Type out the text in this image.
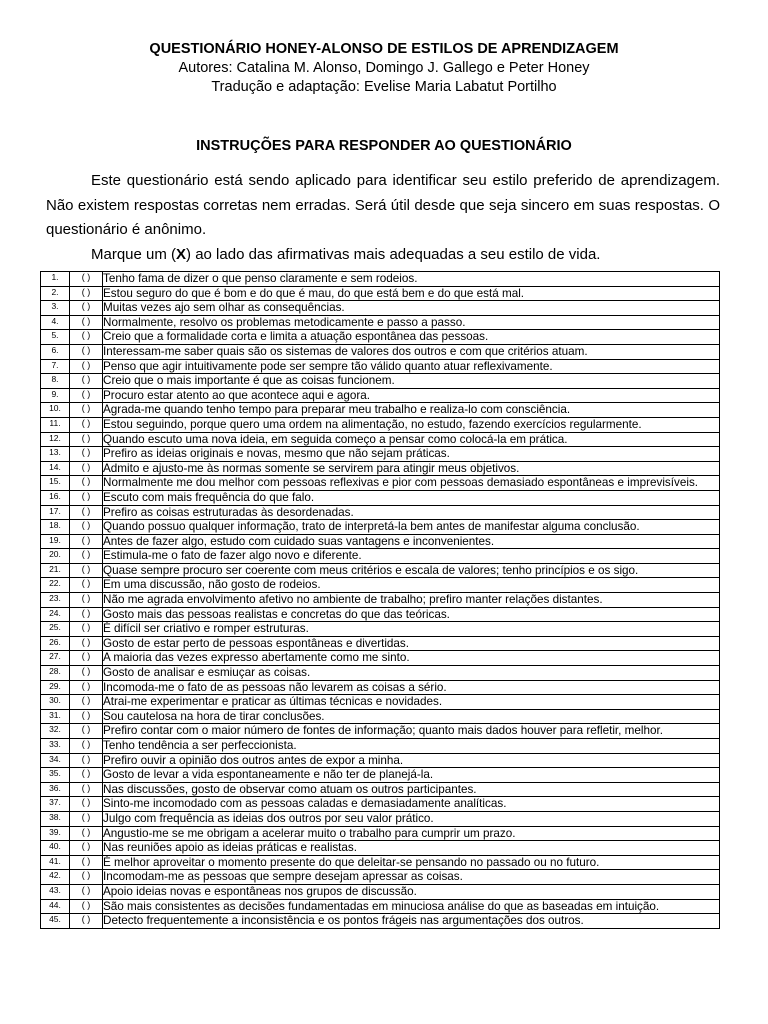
QUESTIONÁRIO HONEY-ALONSO DE ESTILOS DE APRENDIZAGEM
Autores: Catalina M. Alonso, Domingo J. Gallego e Peter Honey
Tradução e adaptação: Evelise Maria Labatut Portilho
INSTRUÇÕES PARA RESPONDER AO QUESTIONÁRIO

Este questionário está sendo aplicado para identificar seu estilo preferido de aprendizagem. Não existem respostas corretas nem erradas. Será útil desde que seja sincero em suas respostas. O questionário é anônimo.

Marque um (X) ao lado das afirmativas mais adequadas a seu estilo de vida.

1.	( )	Tenho fama de dizer o que penso claramente e sem rodeios.
2.	( )	Estou seguro do que é bom e do que é mau, do que está bem e do que está mal.
3.	( )	Muitas vezes ajo sem olhar as consequências.
4.	( )	Normalmente, resolvo os problemas metodicamente e passo a passo.
5.	( )	Creio que a formalidade corta e limita a atuação espontânea das pessoas.
6.	( )	Interessam-me saber quais são os sistemas de valores dos outros e com que critérios atuam.
7.	( )	Penso que agir intuitivamente pode ser sempre tão válido quanto atuar reflexivamente.
8.	( )	Creio que o mais importante é que as coisas funcionem.
9.	( )	Procuro estar atento ao que acontece aqui e agora.
10.	( )	Agrada-me quando tenho tempo para preparar meu trabalho e realiza-lo com consciência.
11.	( )	Estou seguindo, porque quero uma ordem na alimentação, no estudo, fazendo exercícios regularmente.
12.	( )	Quando escuto uma nova ideia, em seguida começo a pensar como colocá-la em prática.
13.	( )	Prefiro as ideias originais e novas, mesmo que não sejam práticas.
14.	( )	Admito e ajusto-me às normas somente se servirem para atingir meus objetivos.
15.	( )	Normalmente me dou melhor com pessoas reflexivas e pior com pessoas demasiado espontâneas e imprevisíveis.
16.	( )	Escuto com mais frequência do que falo.
17.	( )	Prefiro as coisas estruturadas às desordenadas.
18.	( )	Quando possuo qualquer informação, trato de interpretá-la bem antes de manifestar alguma conclusão.
19.	( )	Antes de fazer algo, estudo com cuidado suas vantagens e inconvenientes.
20.	( )	Estimula-me o fato de fazer algo novo e diferente.
21.	( )	Quase sempre procuro ser coerente com meus critérios e escala de valores; tenho princípios e os sigo.
22.	( )	Em uma discussão, não gosto de rodeios.
23.	( )	Não me agrada envolvimento afetivo no ambiente de trabalho; prefiro manter relações distantes.
24.	( )	Gosto mais das pessoas realistas e concretas do que das teóricas.
25.	( )	É difícil ser criativo e romper estruturas.
26.	( )	Gosto de estar perto de pessoas espontâneas e divertidas.
27.	( )	A maioria das vezes expresso abertamente como me sinto.
28.	( )	Gosto de analisar e esmiuçar as coisas.
29.	( )	Incomoda-me o fato de as pessoas não levarem as coisas a sério.
30.	( )	Atrai-me experimentar e praticar as últimas técnicas e novidades.
31.	( )	Sou cautelosa na hora de tirar conclusões.
32.	( )	Prefiro contar com o maior número de fontes de informação; quanto mais dados houver para refletir, melhor.
33.	( )	Tenho tendência a ser perfeccionista.
34.	( )	Prefiro ouvir a opinião dos outros antes de expor a minha.
35.	( )	Gosto de levar a vida espontaneamente e não ter de planejá-la.
36.	( )	Nas discussões, gosto de observar como atuam os outros participantes.
37.	( )	Sinto-me incomodado com as pessoas caladas e demasiadamente analíticas.
38.	( )	Julgo com frequência as ideias dos outros por seu valor prático.
39.	( )	Angustio-me se me obrigam a acelerar muito o trabalho para cumprir um prazo.
40.	( )	Nas reuniões apoio as ideias práticas e realistas.
41.	( )	É melhor aproveitar o momento presente do que deleitar-se pensando no passado ou no futuro.
42.	( )	Incomodam-me as pessoas que sempre desejam apressar as coisas.
43.	( )	Apoio ideias novas e espontâneas nos grupos de discussão.
44.	( )	São mais consistentes as decisões fundamentadas em minuciosa análise do que as baseadas em intuição.
45.	( )	Detecto frequentemente a inconsistência e os pontos frágeis nas argumentações dos outros.
